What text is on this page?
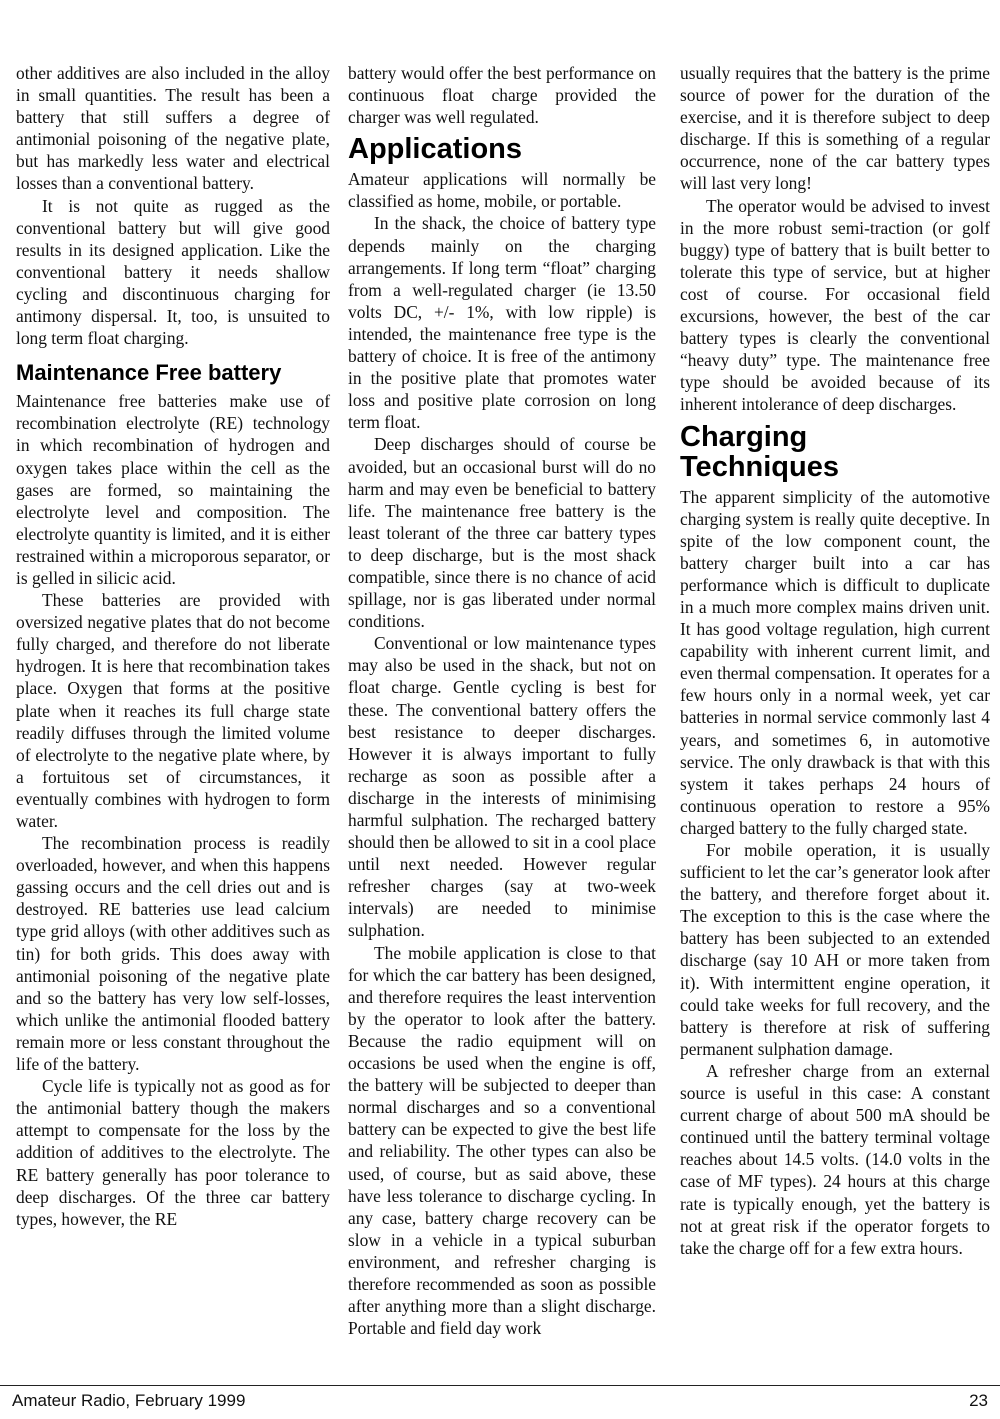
other additives are also included in the alloy in small quantities. The result has been a battery that still suffers a degree of antimonial poisoning of the negative plate, but has markedly less water and electrical losses than a conventional battery.

It is not quite as rugged as the conventional battery but will give good results in its designed application. Like the conventional battery it needs shallow cycling and discontinuous charging for antimony dispersal. It, too, is unsuited to long term float charging.

Maintenance Free battery

Maintenance free batteries make use of recombination electrolyte (RE) technology in which recombination of hydrogen and oxygen takes place within the cell as the gases are formed, so maintaining the electrolyte level and composition. The electrolyte quantity is limited, and it is either restrained within a microporous separator, or is gelled in silicic acid.

These batteries are provided with oversized negative plates that do not become fully charged, and therefore do not liberate hydrogen. It is here that recombination takes place. Oxygen that forms at the positive plate when it reaches its full charge state readily diffuses through the limited volume of electrolyte to the negative plate where, by a fortuitous set of circumstances, it eventually combines with hydrogen to form water.

The recombination process is readily overloaded, however, and when this happens gassing occurs and the cell dries out and is destroyed. RE batteries use lead calcium type grid alloys (with other additives such as tin) for both grids. This does away with antimonial poisoning of the negative plate and so the battery has very low self-losses, which unlike the antimonial flooded battery remain more or less constant throughout the life of the battery.

Cycle life is typically not as good as for the antimonial battery though the makers attempt to compensate for the loss by the addition of additives to the electrolyte. The RE battery generally has poor tolerance to deep discharges. Of the three car battery types, however, the RE

battery would offer the best performance on continuous float charge provided the charger was well regulated.

Applications

Amateur applications will normally be classified as home, mobile, or portable.

In the shack, the choice of battery type depends mainly on the charging arrangements. If long term “float” charging from a well-regulated charger (ie 13.50 volts DC, +/- 1%, with low ripple) is intended, the maintenance free type is the battery of choice. It is free of the antimony in the positive plate that promotes water loss and positive plate corrosion on long term float.

Deep discharges should of course be avoided, but an occasional burst will do no harm and may even be beneficial to battery life. The maintenance free battery is the least tolerant of the three car battery types to deep discharge, but is the most shack compatible, since there is no chance of acid spillage, nor is gas liberated under normal conditions.

Conventional or low maintenance types may also be used in the shack, but not on float charge. Gentle cycling is best for these. The conventional battery offers the best resistance to deeper discharges. However it is always important to fully recharge as soon as possible after a discharge in the interests of minimising harmful sulphation. The recharged battery should then be allowed to sit in a cool place until next needed. However regular refresher charges (say at two-week intervals) are needed to minimise sulphation.

The mobile application is close to that for which the car battery has been designed, and therefore requires the least intervention by the operator to look after the battery. Because the radio equipment will on occasions be used when the engine is off, the battery will be subjected to deeper than normal discharges and so a conventional battery can be expected to give the best life and reliability. The other types can also be used, of course, but as said above, these have less tolerance to discharge cycling. In any case, battery charge recovery can be slow in a vehicle in a typical suburban environment, and refresher charging is therefore recommended as soon as possible after anything more than a slight discharge. Portable and field day work

usually requires that the battery is the prime source of power for the duration of the exercise, and it is therefore subject to deep discharge. If this is something of a regular occurrence, none of the car battery types will last very long!

The operator would be advised to invest in the more robust semi-traction (or golf buggy) type of battery that is built better to tolerate this type of service, but at higher cost of course. For occasional field excursions, however, the best of the car battery types is clearly the conventional “heavy duty” type. The maintenance free type should be avoided because of its inherent intolerance of deep discharges.

Charging
Techniques

The apparent simplicity of the automotive charging system is really quite deceptive. In spite of the low component count, the battery charger built into a car has performance which is difficult to duplicate in a much more complex mains driven unit. It has good voltage regulation, high current capability with inherent current limit, and even thermal compensation. It operates for a few hours only in a normal week, yet car batteries in normal service commonly last 4 years, and sometimes 6, in automotive service. The only drawback is that with this system it takes perhaps 24 hours of continuous operation to restore a 95% charged battery to the fully charged state.

For mobile operation, it is usually sufficient to let the car’s generator look after the battery, and therefore forget about it. The exception to this is the case where the battery has been subjected to an extended discharge (say 10 AH or more taken from it). With intermittent engine operation, it could take weeks for full recovery, and the battery is therefore at risk of suffering permanent sulphation damage.

A refresher charge from an external source is useful in this case: A constant current charge of about 500 mA should be continued until the battery terminal voltage reaches about 14.5 volts. (14.0 volts in the case of MF types). 24 hours at this charge rate is typically enough, yet the battery is not at great risk if the operator forgets to take the charge off for a few extra hours.

Amateur Radio, February 1999	23
